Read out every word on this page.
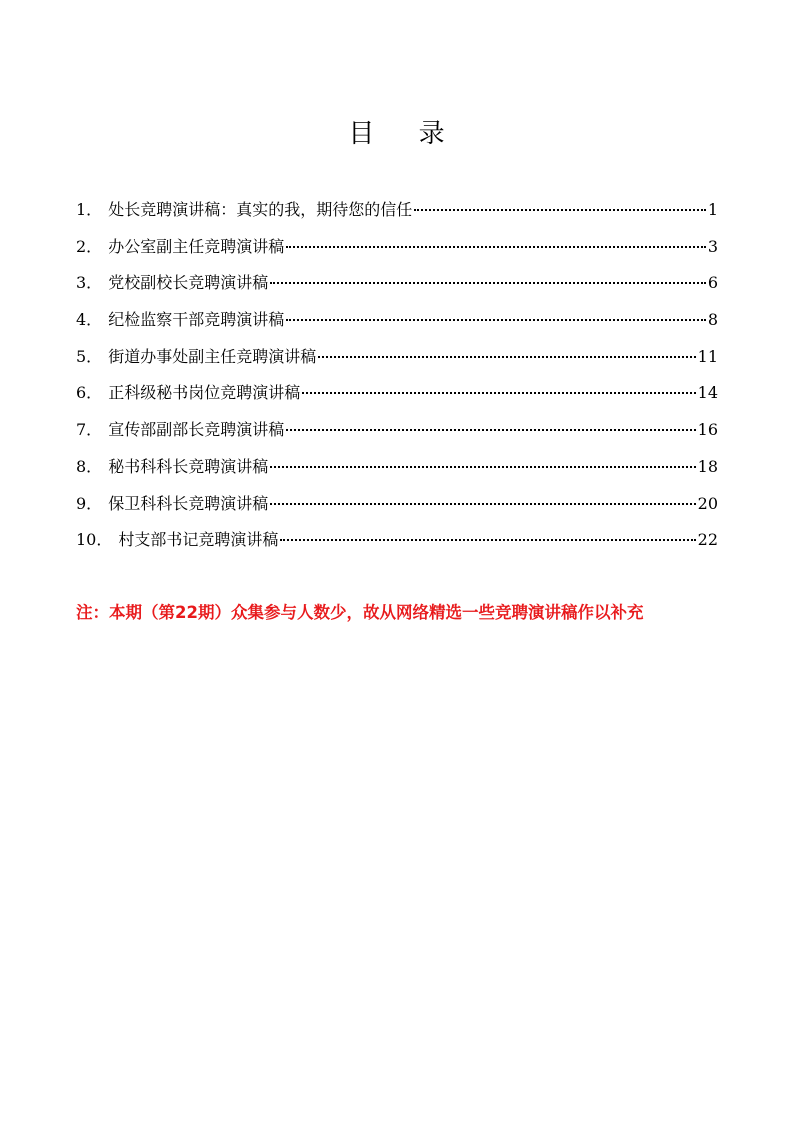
目 录
1． 处长竞聘演讲稿：真实的我，期待您的信任	1
2． 办公室副主任竞聘演讲稿	3
3． 党校副校长竞聘演讲稿	6
4． 纪检监察干部竞聘演讲稿	8
5． 街道办事处副主任竞聘演讲稿	11
6． 正科级秘书岗位竞聘演讲稿	14
7． 宣传部副部长竞聘演讲稿	16
8． 秘书科科长竞聘演讲稿	18
9． 保卫科科长竞聘演讲稿	20
10． 村支部书记竞聘演讲稿	22
注：本期（第22期）众集参与人数少，故从网络精选一些竞聘演讲稿作以补充
